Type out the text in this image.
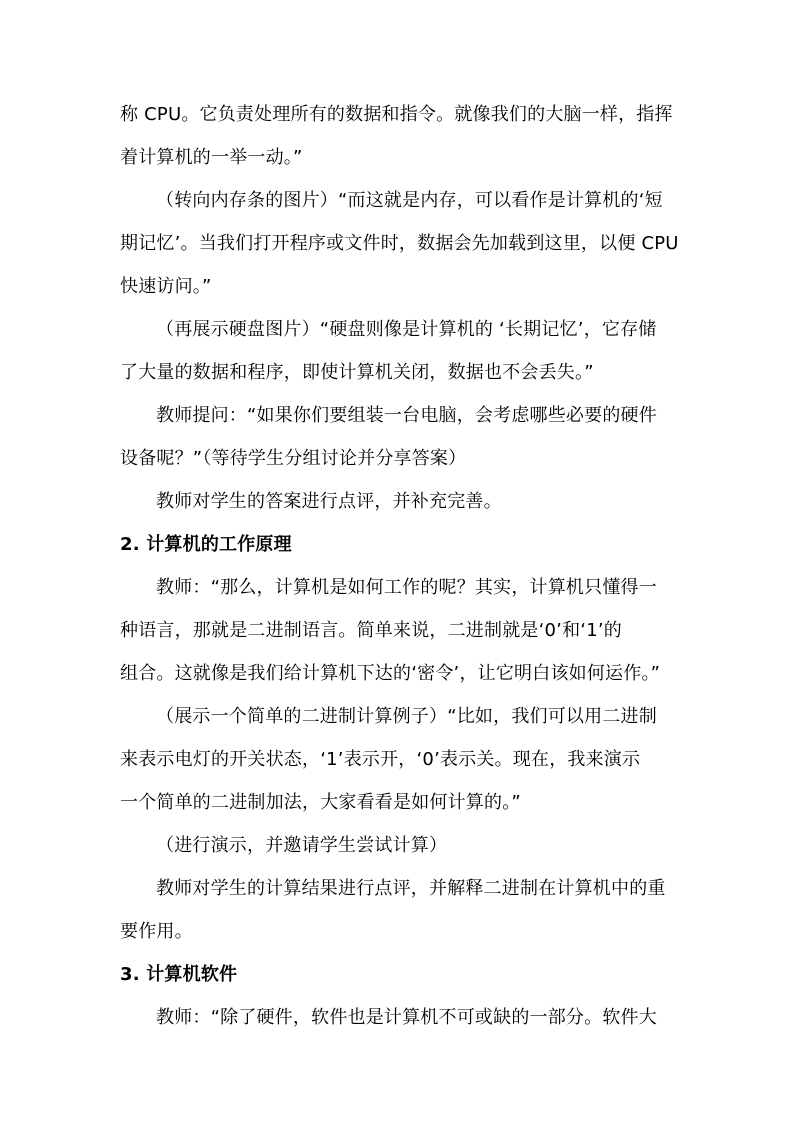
称 CPU。它负责处理所有的数据和指令。就像我们的大脑一样，指挥
着计算机的一举一动。”
（转向内存条的图片）“而这就是内存，可以看作是计算机的‘短
期记忆’。当我们打开程序或文件时，数据会先加载到这里，以便 CPU
快速访问。”
（再展示硬盘图片）“硬盘则像是计算机的 ‘长期记忆’，它存储
了大量的数据和程序，即使计算机关闭，数据也不会丢失。”
教师提问：“如果你们要组装一台电脑，会考虑哪些必要的硬件
设备呢？”（等待学生分组讨论并分享答案）
教师对学生的答案进行点评，并补充完善。
2. 计算机的工作原理
教师：“那么，计算机是如何工作的呢？其实，计算机只懂得一
种语言，那就是二进制语言。简单来说，二进制就是‘0’和‘1’的
组合。这就像是我们给计算机下达的‘密令’，让它明白该如何运作。”
（展示一个简单的二进制计算例子）“比如，我们可以用二进制
来表示电灯的开关状态，‘1’表示开，‘0’表示关。现在，我来演示
一个简单的二进制加法，大家看看是如何计算的。”
（进行演示，并邀请学生尝试计算）
教师对学生的计算结果进行点评，并解释二进制在计算机中的重
要作用。
3. 计算机软件
教师：“除了硬件，软件也是计算机不可或缺的一部分。软件大
